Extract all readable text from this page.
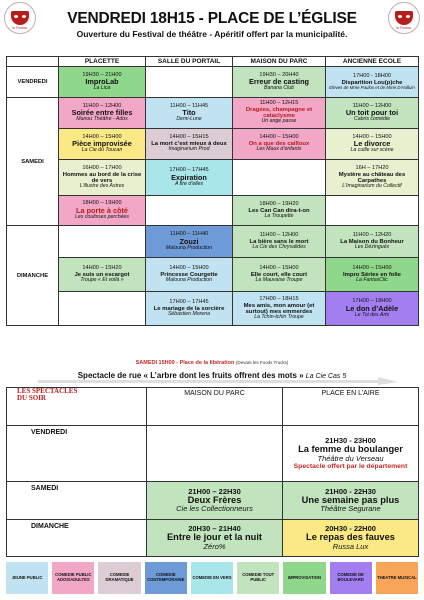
le Rocher	le Rocher
VENDREDI 18H15 - PLACE DE L’ÉGLISE
Ouverture du Festival de théâtre - Apéritif offert par la municipalité.
	PLACETTE	SALLE DU PORTAIL	MAISON DU PARC	ANCIENNE ECOLE
VENDREDI	19H30 – 21H00
ImproLab
La Lica		19H30 – 20H40
Erreur de casting
Banana Club	17H00 - 18H00
Disparition Lou(p)che
Elèves de Mme Paulos et de Mme D’Halluin

SAMEDI	11H00 – 12H00
Soirée entre filles
Manou Théâtre - Ados	11H00 – 11H45
Tito
Demi-Lune	11H00 – 12H15
Dragées, champagne et cataclysme
Un ange passe	11H00 – 12H00
Un toit pour toi
Cabris comédie

	14H00 – 15H00
Pièce improvisée
La Cie du Toucan	14H00 – 15H15
La mort c’est mieux à deux
Imaginarium Prod	14H00 – 15H00
On a que des cailloux
Les Maux d’enfants	14H00 – 15H00
Le divorce
La cuille sur scène

	16H00 – 17H00
Hommes au bord de la crise de vers
L’illustre des Astres	17H00 – 17H45
Expiration
A tire d’elles		16H – 17H20
Mystère au château des Carpathes
L’Imaginarium du Collectif

	18H00 – 19H00
La porte à côté
Les coulisses perchées		18H00 – 19H20
Les Can Can dira-t-on
La Troupette	

DIMANCHE		11H00 – 11H40
Zouzi
Malouna Production	11H00 – 12H00
La bière sans le mort
La Cie des Chrysalides	11H00 – 12H20
La Maison du Bonheur
Les Dézingués

	14H00 – 15H20
Je suis un escargot
Troupe « Et voilà »	14H00 – 15H00
Princesse Courgette
Malouna Production	14H00 – 15H00
Elle court, elle court
La Mauvaise Troupe	14H00 – 15H00
Impro Séries en folie
La FantasClic

		17H00 – 17H45
Le mariage de la sorcière
Sébastien Morena	17H00 – 18H15
Mes amis, mon amour (et surtout) mes emmerdes
La Tchin-tchin Troupe	17H00 – 18H00
Le don d’Adèle
Le Toi des Arts
SAMEDI 15H00 - Place de la libération (Devant les Foods Trucks)
Spectacle de rue « L’arbre dont les fruits offrent des mots » La Cie Cas 5
LES SPECTACLES
DU SOIR	MAISON DU PARC	PLACE EN L’AIRE
VENDREDI		21H30 - 23H00
La femme du boulanger
Théâtre du Verseau
Spectacle offert par le département

SAMEDI	21H00 – 22H30
Deux Frères
Cie les Collectionneurs	21H00 - 22H30
Une semaine pas plus
Théâtre Segurane

DIMANCHE	20H30 – 21H40
Entre le jour et la nuit
Zéro%	20H30 - 22H00
Le repas des fauves
Russa Lux
JEUNE PUBLIC		COMEDIE PUBLIC ADOS/ADULTES		COMEDIE DRAMATIQUE		COMEDIE CONTEMPORAINE		COMEDIE EN VERS		COMEDIE TOUT PUBLIC		IMPROVISATION		COMEDIE DE BOULEVARD		THEATRE MUSICAL
